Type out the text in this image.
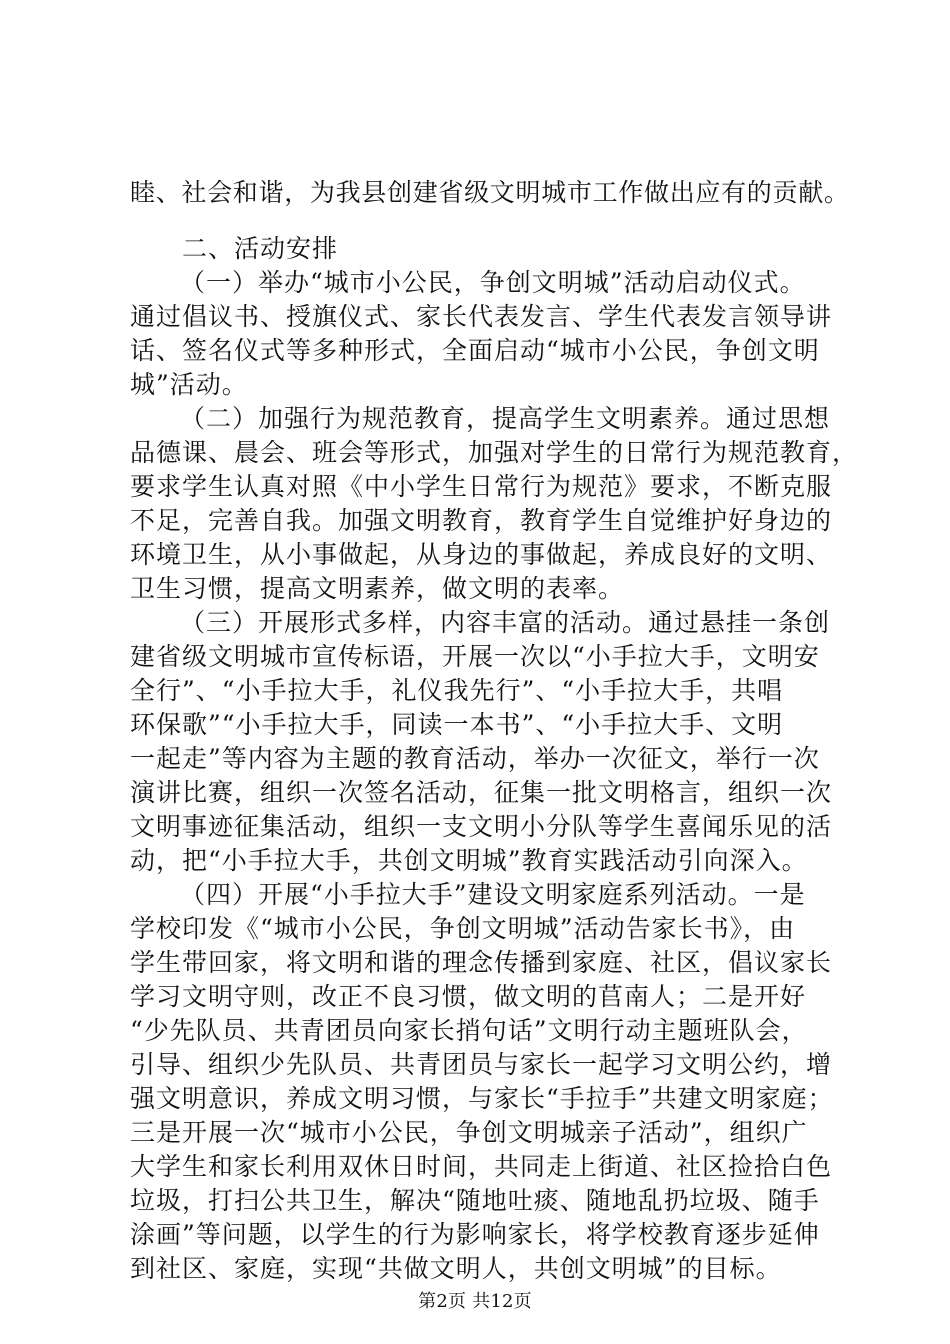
睦、社会和谐，为我县创建省级文明城市工作做出应有的贡献。
二、活动安排
（一）举办“城市小公民，争创文明城”活动启动仪式。
通过倡议书、授旗仪式、家长代表发言、学生代表发言领导讲
话、签名仪式等多种形式，全面启动“城市小公民，争创文明
城”活动。
（二）加强行为规范教育，提高学生文明素养。通过思想
品德课、晨会、班会等形式，加强对学生的日常行为规范教育，
要求学生认真对照《中小学生日常行为规范》要求，不断克服
不足，完善自我。加强文明教育，教育学生自觉维护好身边的
环境卫生，从小事做起，从身边的事做起，养成良好的文明、
卫生习惯，提高文明素养，做文明的表率。
（三）开展形式多样，内容丰富的活动。通过悬挂一条创
建省级文明城市宣传标语，开展一次以“小手拉大手，文明安
全行”、“小手拉大手，礼仪我先行”、“小手拉大手，共唱
环保歌”“小手拉大手，同读一本书”、“小手拉大手、文明
一起走”等内容为主题的教育活动，举办一次征文，举行一次
演讲比赛，组织一次签名活动，征集一批文明格言，组织一次
文明事迹征集活动，组织一支文明小分队等学生喜闻乐见的活
动，把“小手拉大手，共创文明城”教育实践活动引向深入。
（四）开展“小手拉大手”建设文明家庭系列活动。一是
学校印发《“城市小公民，争创文明城”活动告家长书》，由
学生带回家，将文明和谐的理念传播到家庭、社区，倡议家长
学习文明守则，改正不良习惯，做文明的苢南人；二是开好
“少先队员、共青团员向家长捎句话”文明行动主题班队会，
引导、组织少先队员、共青团员与家长一起学习文明公约，增
强文明意识，养成文明习惯，与家长“手拉手”共建文明家庭；
三是开展一次“城市小公民，争创文明城亲子活动”，组织广
大学生和家长利用双休日时间，共同走上街道、社区捡拾白色
垃圾，打扫公共卫生，解决“随地吐痰、随地乱扔垃圾、随手
涂画”等问题，以学生的行为影响家长，将学校教育逐步延伸
到社区、家庭，实现“共做文明人，共创文明城”的目标。
第2页 共12页
